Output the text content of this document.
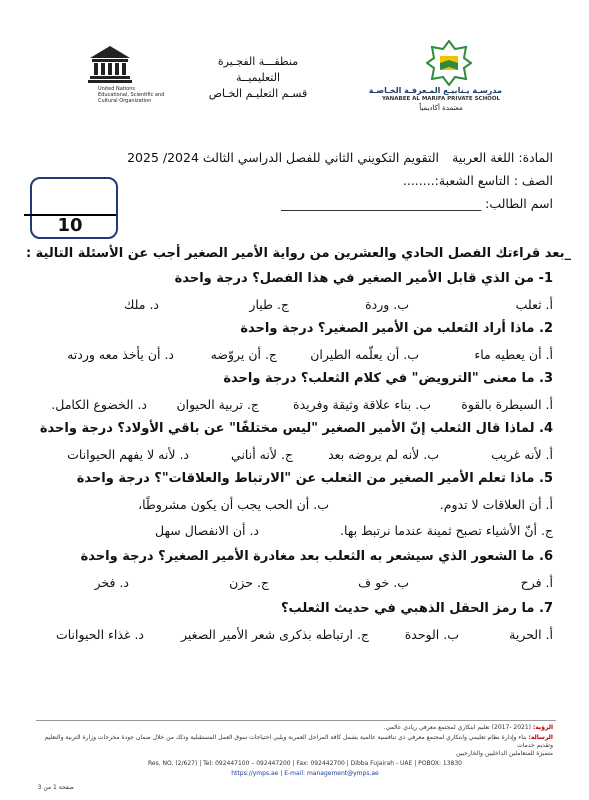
United Nations
Educational, Scientific and
Cultural Organization
منطقـــة الفجـيرة التعليميــة
قسـم التعليـم الخـاص	مدرسـة يـنابيـع المـعرفـة الخـاصـة
YANABEE AL MARIFA PRIVATE SCHOOL
معتمدة أكاديمياً
التقويم التكويني الثاني للفصل الدراسي الثالث 2024/ 2025	المادة: اللغة العربية
الصف : التاسع الشعبة:........
اسم الطالب: ________________________________
10
_بعد قراءتك الفصل الحادي والعشرين من رواية الأمير الصغير أجب عن الأسئلة التالية :
1- من الذي قابل الأمير الصغير في هذا الفصل؟ درجة واحدة
أ. ثعلب
ب. وردة
ج. طيار
د. ملك
2. ماذا أراد الثعلب من الأمير الصغير؟ درجة واحدة
أ. أن يعطيه ماء
ب. أن يعلّمه الطيران
ج. أن يروّضه
د. أن يأخذ معه وردته
3. ما معنى "الترويض" في كلام الثعلب؟ درجة واحدة
أ. السيطرة بالقوة
ب. بناء علاقة وثيقة وفريدة
ج. تربية الحيوان
د. الخضوع الكامل.
4. لماذا قال الثعلب إنّ الأمير الصغير "ليس مختلفًا" عن باقي الأولاد؟ درجة واحدة
أ. لأنه غريب
ب. لأنه لم يروضه بعد
ج. لأنه أناني
د. لأنه لا يفهم الحيوانات
5. ماذا تعلم الأمير الصغير من الثعلب عن "الارتباط والعلاقات"؟ درجة واحدة
أ. أن العلاقات لا تدوم.
ب. أن الحب يجب أن يكون مشروطًا،
ج. أنّ الأشياء تصبح ثمينة عندما نرتبط بها.
د. أن الانفصال سهل
6. ما الشعور الذي سيشعر به الثعلب بعد مغادرة الأمير الصغير؟ درجة واحدة
أ. فرح
ب. خو ف
ج. حزن
د. فخر
7. ما رمز الحقل الذهبي في حديث الثعلب؟
أ. الحرية
ب. الوحدة
ج. ارتباطه بذكرى شعر الأمير الصغير
د. غذاء الحيوانات
الرؤية: (2021 -2017) تعليم ابتكاري لمجتمع معرفي ريادي عالمي.
الرسالة: بناء وإدارة نظام تعليمي وابتكاري لمجتمع معرفي ذي تنافسية عالمية يشمل كافة المراحل العمرية ويلبي احتياجات سوق العمل المستقبلية وذلك من خلال ضمان جودة مخرجات وزارة التربية والتعليم وتقديم خدمات
متميزة للمتعاملين الداخليين والخارجيين
Res. NO. (2/627) | Tel: 092447100 – 092447200 | Fax: 092442700 | Dibba Fujairah - UAE | POBOX: 13830
https://ymps.ae | E-mail: management@ymps.ae
صفحة 1 من 3
